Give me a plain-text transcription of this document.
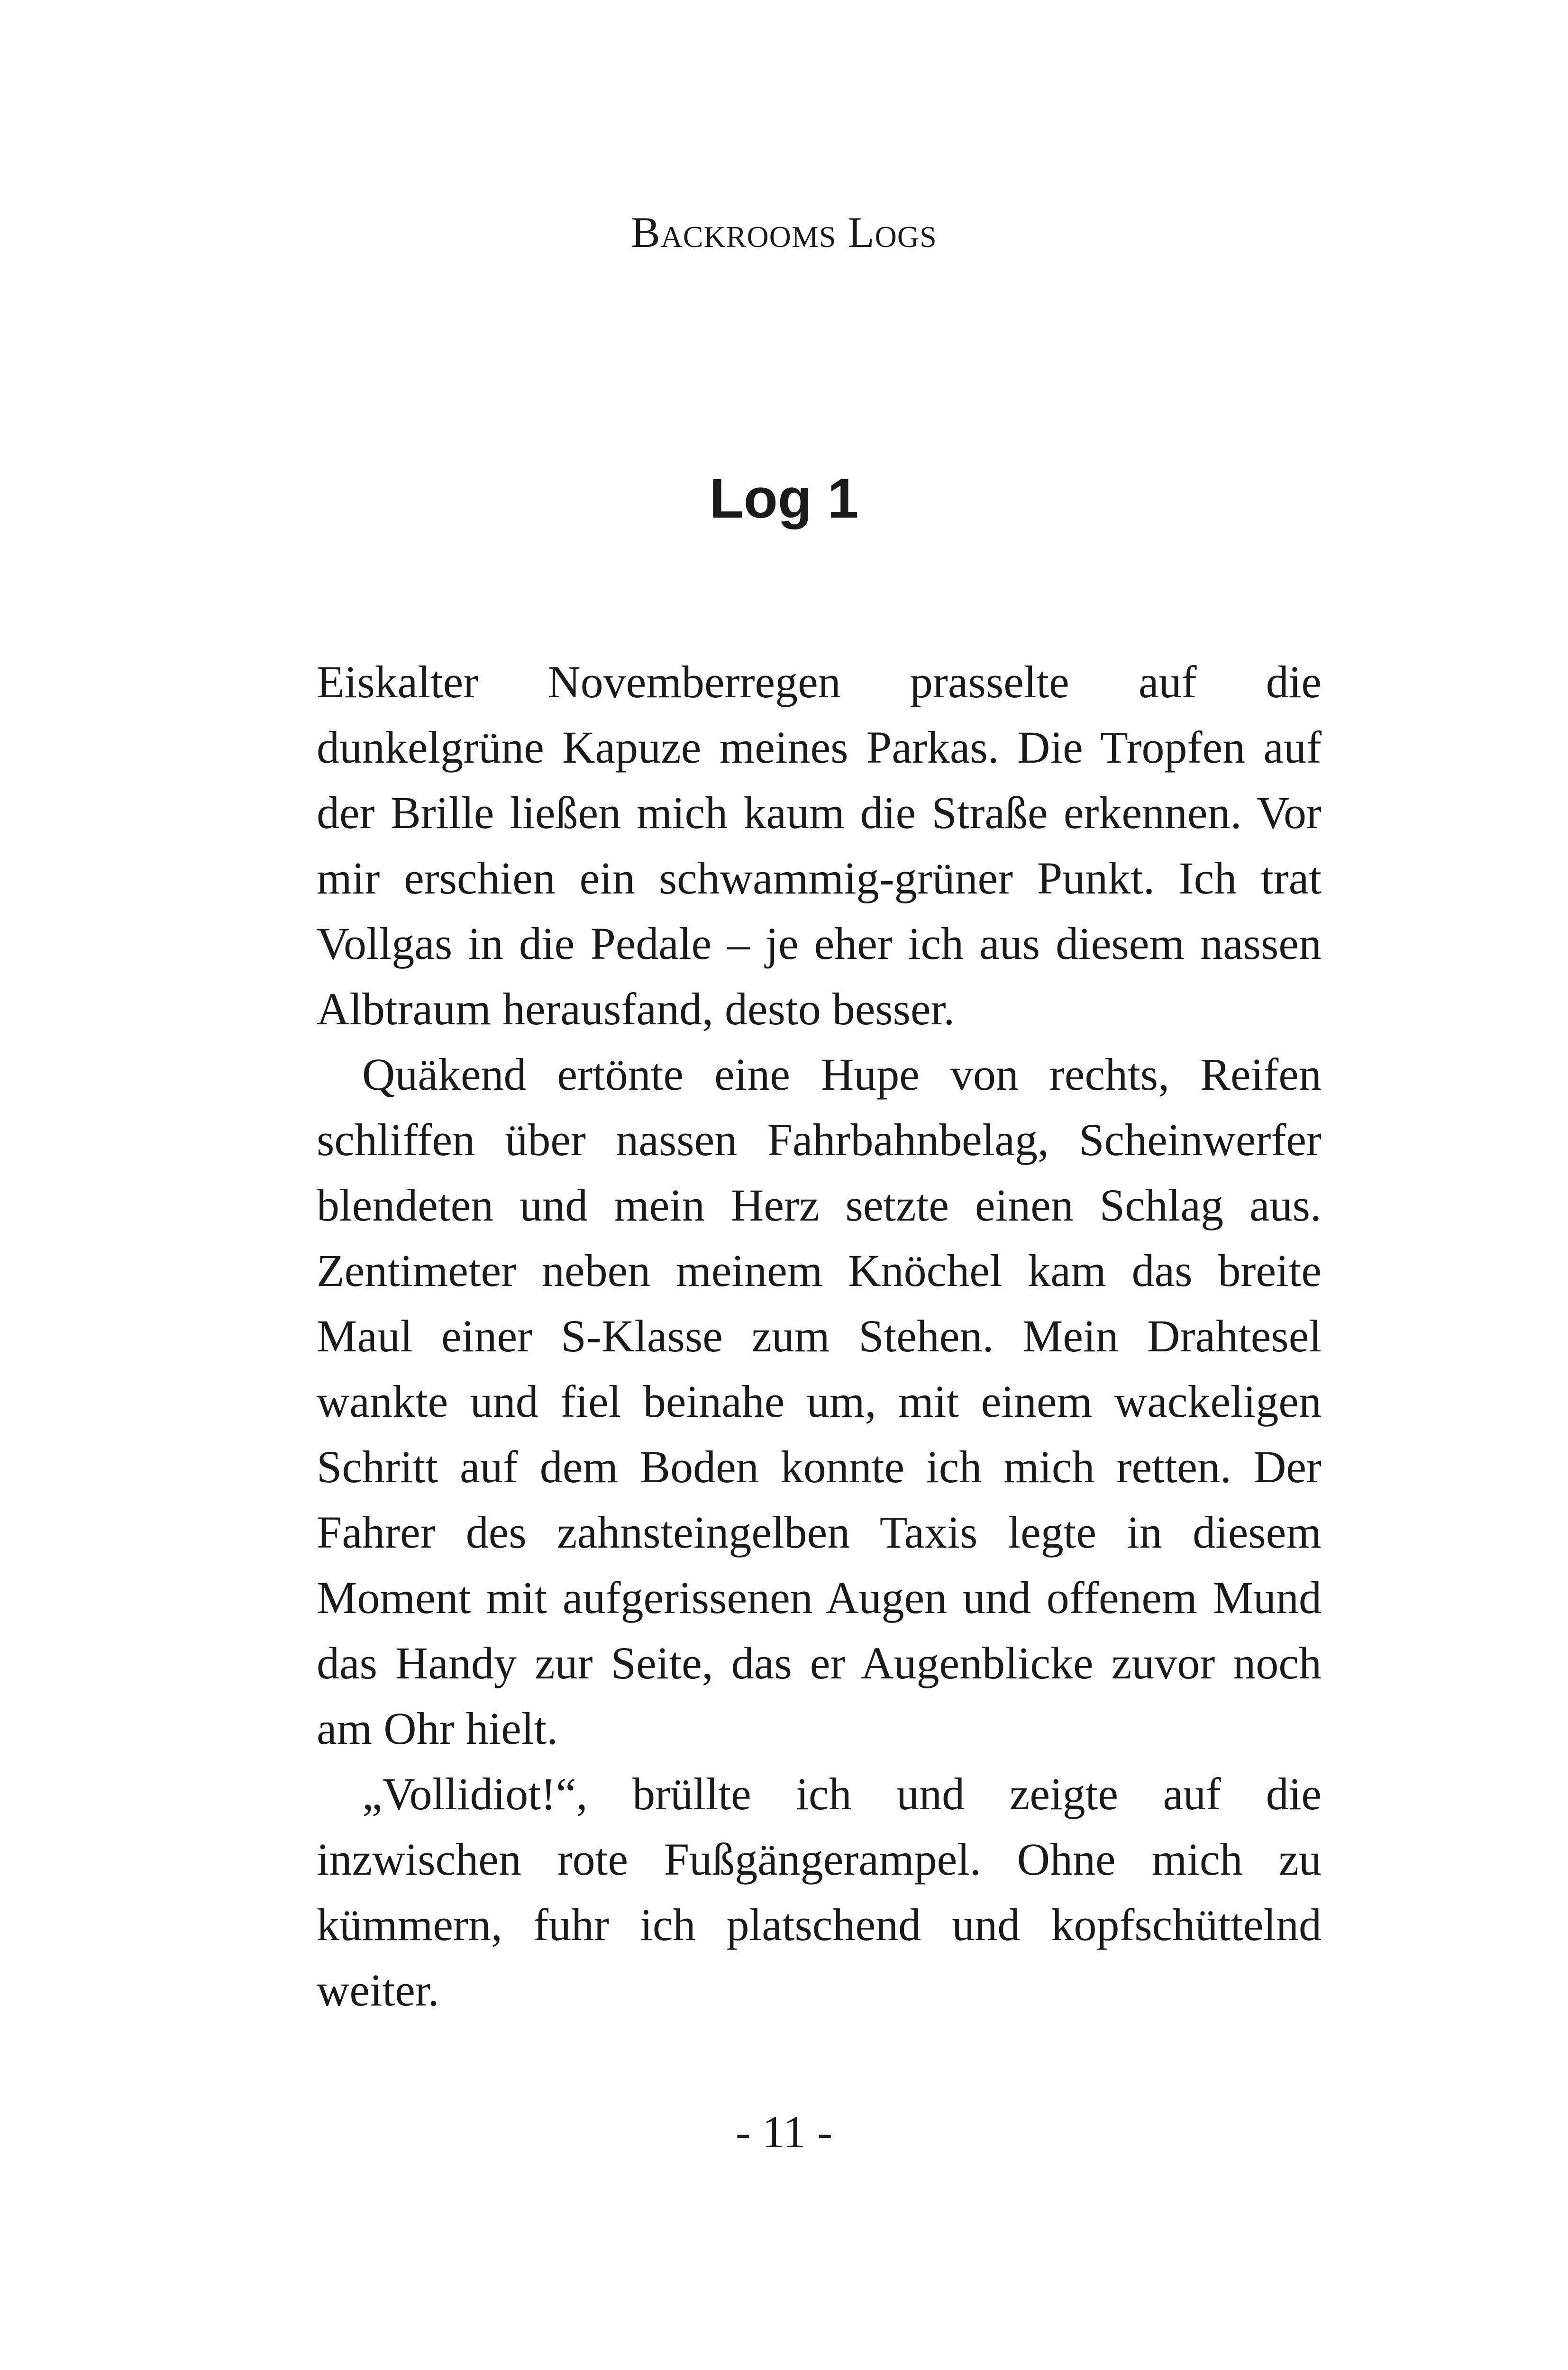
Backrooms Logs
Log 1

Eiskalter Novemberregen prasselte auf die dunkelgrüne Kapuze meines Parkas. Die Tropfen auf der Brille ließen mich kaum die Straße erkennen. Vor mir erschien ein schwammig-grüner Punkt. Ich trat Vollgas in die Pedale – je eher ich aus diesem nassen Albtraum herausfand, desto besser.

Quäkend ertönte eine Hupe von rechts, Reifen schliffen über nassen Fahrbahnbelag, Scheinwerfer blendeten und mein Herz setzte einen Schlag aus. Zentimeter neben meinem Knöchel kam das breite Maul einer S-Klasse zum Stehen. Mein Drahtesel wankte und fiel beinahe um, mit einem wackeligen Schritt auf dem Boden konnte ich mich retten. Der Fahrer des zahnsteingelben Taxis legte in diesem Moment mit aufgerissenen Augen und offenem Mund das Handy zur Seite, das er Augenblicke zuvor noch am Ohr hielt.

„Vollidiot!“, brüllte ich und zeigte auf die inzwischen rote Fußgängerampel. Ohne mich zu kümmern, fuhr ich platschend und kopfschüttelnd weiter.

- 11 -
